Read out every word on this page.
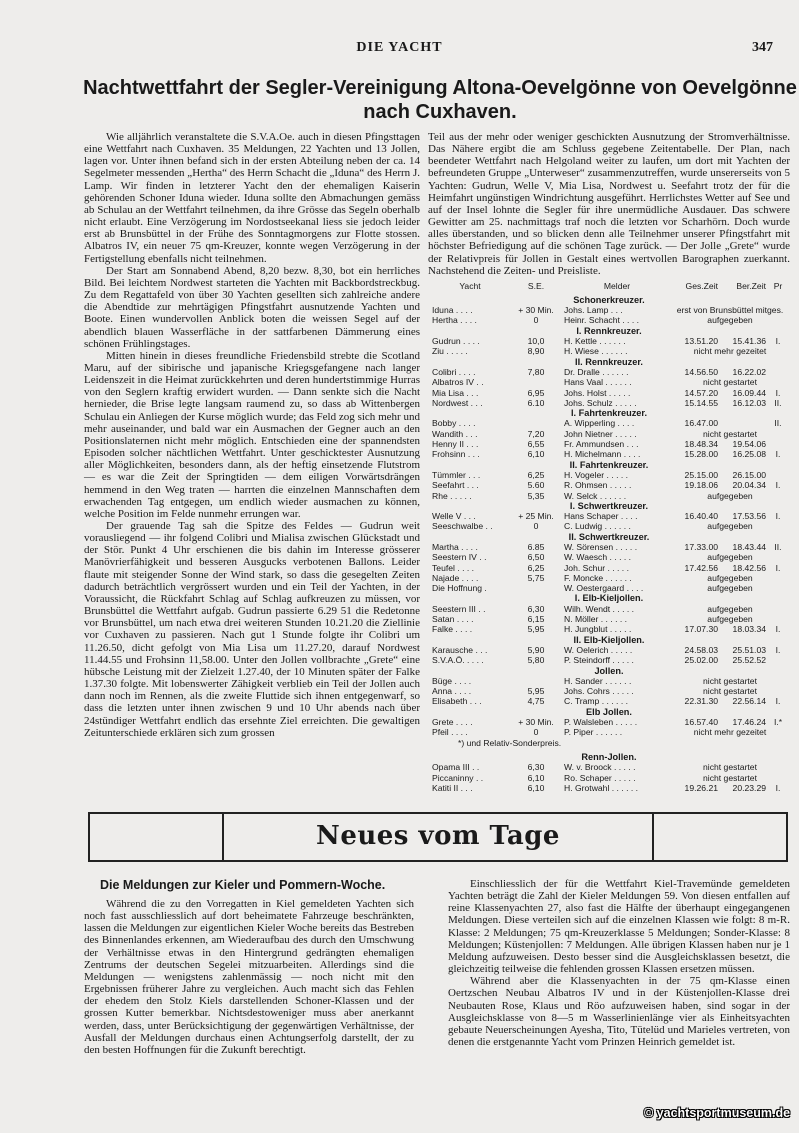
DIE YACHT	347
Nachtwettfahrt der Segler-Vereinigung Altona-Oevelgönne von Oevelgönne
nach Cuxhaven.

Wie alljährlich veranstaltete die S.V.A.Oe. auch in diesen Pfingsttagen eine Wettfahrt nach Cuxhaven. 35 Meldungen, 22 Yachten und 13 Jollen, lagen vor. Unter ihnen befand sich in der ersten Abteilung neben der ca. 14 Segelmeter messenden „Hertha“ des Herrn Schacht die „Iduna“ des Herrn J. Lamp. Wir finden in letzterer Yacht den der ehemaligen Kaiserin gehörenden Schoner Iduna wieder. Iduna sollte den Abmachungen gemäss ab Schulau an der Wettfahrt teilnehmen, da ihre Grösse das Segeln oberhalb nicht erlaubt. Eine Verzögerung im Nordostseekanal liess sie jedoch leider erst ab Brunsbüttel in der Frühe des Sonntagmorgens zur Flotte stossen. Albatros IV, ein neuer 75 qm-Kreuzer, konnte wegen Verzögerung in der Fertigstellung ebenfalls nicht teilnehmen.

Der Start am Sonnabend Abend, 8,20 bezw. 8,30, bot ein herrliches Bild. Bei leichtem Nordwest starteten die Yachten mit Backbordstreckbug. Zu dem Regattafeld von über 30 Yachten gesellten sich zahlreiche andere die Abendtide zur mehrtägigen Pfingstfahrt ausnutzende Yachten und Boote. Einen wundervollen Anblick boten die weissen Segel auf der abendlich blauen Wasserfläche in der sattfarbenen Dämmerung eines schönen Frühlingstages.

Mitten hinein in dieses freundliche Friedensbild strebte die Scotland Maru, auf der sibirische und japanische Kriegsgefangene nach langer Leidenszeit in die Heimat zurückkehrten und deren hundertstimmige Hurras von den Seglern kraftig erwidert wurden. — Dann senkte sich die Nacht hernieder, die Brise legte langsam raumend zu, so dass ab Wittenbergen Schulau ein Anliegen der Kurse möglich wurde; das Feld zog sich mehr und mehr auseinander, und bald war ein Ausmachen der Gegner auch an den Positionslaternen nicht mehr möglich. Entschieden eine der spannendsten Episoden solcher nächtlichen Wettfahrt. Unter geschicktester Ausnutzung aller Möglichkeiten, besonders dann, als der heftig einsetzende Flutstrom — es war die Zeit der Springtiden — dem eiligen Vorwärtsdrängen hemmend in den Weg traten — harrten die einzelnen Mannschaften dem erwachenden Tag entgegen, um endlich wieder ausmachen zu können, welche Position im Felde nunmehr errungen war.

Der grauende Tag sah die Spitze des Feldes — Gudrun weit vorausliegend — ihr folgend Colibri und Mialisa zwischen Glückstadt und der Stör. Punkt 4 Uhr erschienen die bis dahin im Interesse grösserer Manövrierfähigkeit und besseren Ausgucks verbotenen Ballons. Leider flaute mit steigender Sonne der Wind stark, so dass die gesegelten Zeiten dadurch beträchtlich vergrössert wurden und ein Teil der Yachten, in der Voraussicht, die Rückfahrt Schlag auf Schlag aufkreuzen zu müssen, vor Brunsbüttel die Wettfahrt aufgab. Gudrun passierte 6.29 51 die Redetonne vor Brunsbüttel, um nach etwa drei weiteren Stunden 10.21.20 die Ziellinie vor Cuxhaven zu passieren. Nach gut 1 Stunde folgte ihr Colibri um 11.26.50, dicht gefolgt von Mia Lisa um 11.27.20, darauf Nordwest 11.44.55 und Frohsinn 11,58.00. Unter den Jollen vollbrachte „Grete“ eine hübsche Leistung mit der Zielzeit 1.27.40, der 10 Minuten später der Falke 1.37.30 folgte. Mit lobenswerter Zähigkeit verblieb ein Teil der Jollen auch dann noch im Rennen, als die zweite Fluttide sich ihnen entgegenwarf, so dass die letzten unter ihnen zwischen 9 und 10 Uhr abends nach über 24stündiger Wettfahrt endlich das ersehnte Ziel erreichten. Die gewaltigen Zeitunterschiede erklären sich zum grossen

Teil aus der mehr oder weniger geschickten Ausnutzung der Stromverhältnisse. Das Nähere ergibt die am Schluss gegebene Zeitentabelle. Der Plan, nach beendeter Wettfahrt nach Helgoland weiter zu laufen, um dort mit Yachten der befreundeten Gruppe „Unterweser“ zusammenzutreffen, wurde unsererseits von 5 Yachten: Gudrun, Welle V, Mia Lisa, Nordwest u. Seefahrt trotz der für die Heimfahrt ungünstigen Windrichtung ausgeführt. Herrlichstes Wetter auf See und auf der Insel lohnte die Segler für ihre unermüdliche Ausdauer. Das schwere Gewitter am 25. nachmittags traf noch die letzten vor Scharhörn. Doch wurde alles überstanden, und so blicken denn alle Teilnehmer unserer Pfingstfahrt mit höchster Befriedigung auf die schönen Tage zurück. — Der Jolle „Grete“ wurde der Relativpreis für Jollen in Gestalt eines wertvollen Barographen zuerkannt. Nachstehend die Zeiten- und Preisliste.

Yacht	S.E.	Melder	Ges.Zeit	Ber.Zeit	Pr
Schonerkreuzer.					
Iduna . . . .	+ 30 Min.	Johs. Lamp . . .	erst von Brunsbüttel mitges.		
Hertha . . . .	0	Heinr. Schacht . . . .	aufgegeben		
I. Rennkreuzer.					
Gudrun . . . .	10,0	H. Kettle . . . . . .	13.51.20	15.41.36	I.
Ziu . . . . .	8,90	H. Wiese . . . . . .	nicht mehr gezeitet		
II. Rennkreuzer.					
Colibri . . . .	7,80	Dr. Dralle . . . . . .	14.56.50	16.22.02	
Albatros IV . .		Hans Vaal . . . . . .	nicht gestartet		
Mia Lisa . . .	6,95	Johs. Holst . . . . .	14.57.20	16.09.44	I.
Nordwest . . .	6.10	Johs. Schulz . . . . .	15.14.55	16.12.03	II.
I. Fahrtenkreuzer.					
Bobby . . . .		A. Wipperling . . . .	16.47.00		II.
Wandith . . .	7,20	John Nietner . . . . .	nicht gestartet		
Henny II . . .	6,55	Fr. Ammundsen . . .	18.48.34	19.54.06	
Frohsinn . . .	6,10	H. Michelmann . . . .	15.28.00	16.25.08	I.
II. Fahrtenkreuzer.					
Tümmler . . .	6,25	H. Vogeler . . . . .	25.15.00	26.15.00	
Seefahrt . . .	5.60	R. Ohmsen . . . . .	19.18.06	20.04.34	I.
Rhe . . . . .	5,35	W. Selck . . . . . .	aufgegeben		
I. Schwertkreuzer.					
Welle V . . .	+ 25 Min.	Hans Schaper . . . .	16.40.40	17.53.56	I.
Seeschwalbe . .	0	C. Ludwig . . . . . .	aufgegeben		
II. Schwertkreuzer.					
Martha . . . .	6.85	W. Sörensen . . . . .	17.33.00	18.43.44	II.
Seestern IV . .	6,50	W. Waesch . . . . .	aufgegeben		
Teufel . . . .	6,25	Joh. Schur . . . . .	17.42.56	18.42.56	I.
Najade . . . .	5,75	F. Moncke . . . . . .	aufgegeben		
Die Hoffnung .		W. Oestergaard . . . .	aufgegeben		
I. Elb-Kieljollen.					
Seestern III . .	6,30	Wilh. Wendt . . . . .	aufgegeben		
Satan . . . .	6,15	N. Möller . . . . . .	aufgegeben		
Falke . . . .	5,95	H. Jungblut . . . . .	17.07.30	18.03.34	I.
II. Elb-Kieljollen.					
Karausche . . .	5,90	W. Oelerich . . . . .	24.58.03	25.51.03	I.
S.V.A.Ö. . . . .	5,80	P. Steindorff . . . . .	25.02.00	25.52.52	
Jollen.					
Büge . . . .		H. Sander . . . . . .	nicht gestartet		
Anna . . . .	5,95	Johs. Cohrs . . . . .	nicht gestartet		
Elisabeth . . .	4,75	C. Tramp . . . . . .	22.31.30	22.56.14	I.
Elb Jollen.					
Grete . . . .	+ 30 Min.	P. Walsleben . . . . .	16.57.40	17.46.24	I.*
Pfeil . . . .	0	P. Piper . . . . . .	nicht mehr gezeitet		
*) und Relativ-Sonderpreis.					

Renn-Jollen.					
Opama III . .	6,30	W. v. Broock . . . . .	nicht gestartet		
Piccaninny . .	6,10	Ro. Schaper . . . . .	nicht gestartet		
Katiti II . . .	6,10	H. Grotwahl . . . . . .	19.26.21	20.23.29	I.
Neues vom Tage
Die Meldungen zur Kieler und Pommern-Woche.

Während die zu den Vorregatten in Kiel gemeldeten Yachten sich noch fast ausschliesslich auf dort beheimatete Fahrzeuge beschränkten, lassen die Meldungen zur eigentlichen Kieler Woche bereits das Bestreben des Binnenlandes erkennen, am Wiederaufbau des durch den Umschwung der Verhältnisse etwas in den Hintergrund gedrängten ehemaligen Zentrums der deutschen Segelei mitzuarbeiten. Allerdings sind die Meldungen — wenigstens zahlenmässig — noch nicht mit den Ergebnissen früherer Jahre zu vergleichen. Auch macht sich das Fehlen der ehedem den Stolz Kiels darstellenden Schoner-Klassen und der grossen Kutter bemerkbar. Nichtsdestoweniger muss aber anerkannt werden, dass, unter Berücksichtigung der gegenwärtigen Verhältnisse, der Ausfall der Meldungen durchaus einen Achtungserfolg darstellt, der zu den besten Hoffnungen für die Zukunft berechtigt.

Einschliesslich der für die Wettfahrt Kiel-Travemünde gemeldeten Yachten beträgt die Zahl der Kieler Meldungen 59. Von diesen entfallen auf reine Klassenyachten 27, also fast die Hälfte der überhaupt eingegangenen Meldungen. Diese verteilen sich auf die einzelnen Klassen wie folgt: 8 m-R. Klasse: 2 Meldungen; 75 qm-Kreuzerklasse 5 Meldungen; Sonder-Klasse: 8 Meldungen; Küstenjollen: 7 Meldungen. Alle übrigen Klassen haben nur je 1 Meldung aufzuweisen. Desto besser sind die Ausgleichsklassen besetzt, die gleichzeitig teilweise die fehlenden grossen Klassen ersetzen müssen.

Während aber die Klassenyachten in der 75 qm-Klasse einen Oertzschen Neubau Albatros IV und in der Küstenjollen-Klasse drei Neubauten Rose, Klaus und Röo aufzuweisen haben, sind sogar in der Ausgleichsklasse von 8—5 m Wasserlinienlänge vier als Einheitsyachten gebaute Neuerscheinungen Ayesha, Tito, Tütelüd und Marieles vertreten, von denen die erstgenannte Yacht vom Prinzen Heinrich gemeldet ist.

© yachtsportmuseum.de
